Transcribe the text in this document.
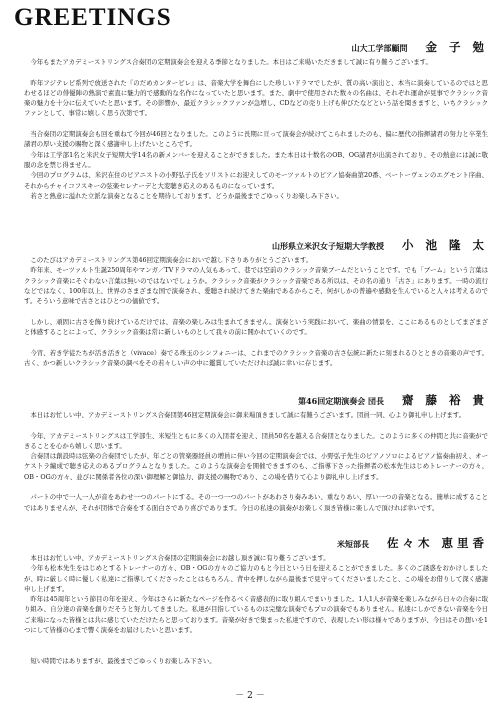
GREETINGS
山大工学部顧問 金 子 勉

今年もまたアカデミーストリングス合奏団の定期演奏会を迎える季節となりました。本日はご来場いただきまして誠に有り難うございます。

昨年フジテレビ系列で放送された『のだめカンタービレ』は、音楽大学を舞台にした珍しいドラマでしたが、質の高い演出と、本当に演奏しているのではと思わせるほどの俳優陣の熱演で素直に魅力的で感動的な名作になっていたと思います。また、劇中で使用された数々の名曲は、それぞれ運命が見事でクラシック音楽の魅力を十分に伝えていたと思います。その影響か、最近クラシックファンが急増し、CDなどの売り上げも伸びたなどという話を聞きますと、いちクラシックファンとして、事常に嬉しく思う次第です。

当合奏団の定期演奏会も回を重ねて今回が46回となりました。このように長期に亘って演奏会が続けてこられましたのも、偏に歴代の指揮諸君の努力と卒業生諸君の厚い支援の賜物と深く感謝申し上げたいところです。

今年は工学部1名と米沢女子短期大学14名の新メンバーを迎えることができました。また本日は十数名のOB、OG諸君が出演されており、その熱意には誠に敬服の念を禁じ得ません。

今回のプログラムは、米沢在住のピアニストの小野弘子氏をソリストにお迎えしてのモーツァルトのピアノ協奏曲第20番、ベートーヴェンのエグモント序曲、それからチャイコフスキーの弦楽セレナーデと大変聴き応えのあるものになっています。

若さと熱意に溢れた立派な演奏となることを期待しております。どうか最後までごゆっくりお楽しみ下さい。

山形県立米沢女子短期大学教授 小 池 隆 太

このたびはアカデミーストリングス第46回定期演奏会においで越し下さりありがとうございます。

昨年来、モーツァルト生誕250周年やマンガ／TVドラマの人気もあって、巷では空前のクラシック音楽ブームだということです。でも「ブーム」という言葉はクラシック音楽にそぐわない言葉は無いのではないでしょうか。クラシック音楽がクラシック音楽である所以は、その名の通り「古さ」にあります。一時の流行などではなく、100年以上、世界のさまざまな国で演奏され、愛聴され続けてきた楽曲であるからこそ、何がしかの普遍や感動を生んでいると人々は考えるのです。そういう意味で古さとはひとつの価値です。

しかし、頑固に古さを飾り続けているだけでは、音楽の楽しみは生まれてきません。演奏という実践において、楽曲の情景を、ここにあるものとしてまざまざと体感することによって、クラシック音楽は常に新しいものとして我々の前に開かれていくのです。

今宵、若き学徒たちが活き活きと（vivace）奏でる珠玉のシンフォニーは、これまでのクラシック音楽の古さ伝統に新たに刻まれるひとときの音楽の声です。古く、かつ新しいクラシック音楽の調べをその若々しい声の中に鑑賞していただければ誠に幸いに存じます。

第46回定期演奏会 団長 齋 藤 裕 貴

本日はお忙しい中、アカデミーストリングス合奏団第46回定期演奏会に御来場頂きまして誠に有難うございます。団員一同、心より御礼申し上げます。

今年、アカデミーストリングスは工学部生、米短生ともに多くの入団者を迎え、団員50名を越える合奏団となりました。このように多くの仲間と共に音楽ができることを心から嬉しく思います。

合奏団は創設時は弦楽の合奏団でしたが、年ごとの管楽器経員の増員に伴い今回の定期演奏会では、小野弘子先生のピアノソロによるピアノ協奏曲初え、オーケストラ編成で聴き応えのあるプログラムとなりました。このような演奏会を開催できますのも、ご指導下さった指揮者の松本先生はじめトレーナーの方々、OB・OGの方々、並びに関係者各位の深い御理解と御協力、御支援の賜物であり、この場を借りて心より御礼申し上げます。

パートの中で一人一人が音をあわせ一つのパートにする。その一つ一つのパートがあわさり奏みあい、重なりあい、厚い一つの音楽となる。簡単に成することではありませんが、それが団体で合奏をする面白さであり喜びであります。今日の私達の演奏がお楽しく頂き皆様に楽しんで頂ければ幸いです。

米短部長 佐々木 恵里香

本日はお忙しい中、アカデミーストリングス合奏団の定期演奏会にお越し頂き誠に有り難うございます。

今年も松本先生をはじめとするトレーナーの方々、OB・OGの方々のご協力のもと今日という日を迎えることができました。多くのご誘惑をおかけしましたが、時に厳しく時に優しく私達にご指導してくださったことはもちろん、背中を押しながら最後まで見守ってくださいましたこと、この場をお借りして深く感謝申し上げます。

昨年は45周年という節目の年を迎え、今年はさらに新たなページを作るべく音感表的に取り組んでまいりました。1人1人が音楽を楽しみながら日々の合奏に取り組み、自分達の音楽を創りだそうと努力してきました。私達が目指しているものは完璧な演奏でもプロの演奏でもありません。私達にしかできない音楽を今日ご来場になった皆様とは共に感じていただけたらと思っております。音楽が好きで集まった私達ですので、表現したい形は様々でありますが、今日はその想いを1つにして皆様の心まで響く演奏をお届けしたいと思います。

短い時間ではありますが、最後までごゆっくりお楽しみ下さい。

－ 2 －
